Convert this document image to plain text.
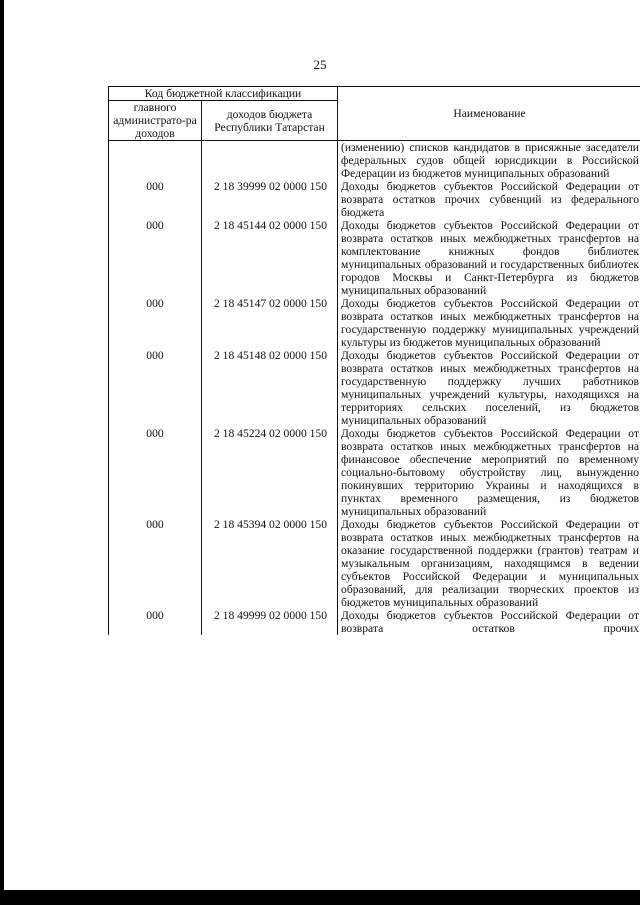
25
Код бюджетной классификации		Наименование
главного администрато-ра доходов	доходов бюджета Республики Татарстан	
		(изменению) списков кандидатов в присяжные заседатели федеральных судов общей юрисдикции в Российской Федерации из бюджетов муниципальных образований
000	2 18 39999 02 0000 150	Доходы бюджетов субъектов Российской Федерации от возврата остатков прочих субвенций из федерального бюджета
000	2 18 45144 02 0000 150	Доходы бюджетов субъектов Российской Федерации от возврата остатков иных межбюджетных трансфертов на комплектование книжных фондов библиотек муниципальных образований и государственных библиотек городов Москвы и Санкт-Петербурга из бюджетов муниципальных образований
000	2 18 45147 02 0000 150	Доходы бюджетов субъектов Российской Федерации от возврата остатков иных межбюджетных трансфертов на государственную поддержку муниципальных учреждений культуры из бюджетов муниципальных образований
000	2 18 45148 02 0000 150	Доходы бюджетов субъектов Российской Федерации от возврата остатков иных межбюджетных трансфертов на государственную поддержку лучших работников муниципальных учреждений культуры, находящихся на территориях сельских поселений, из бюджетов муниципальных образований
000	2 18 45224 02 0000 150	Доходы бюджетов субъектов Российской Федерации от возврата остатков иных межбюджетных трансфертов на финансовое обеспечение мероприятий по временному социально-бытовому обустройству лиц, вынужденно покинувших территорию Украины и находящихся в пунктах временного размещения, из бюджетов муниципальных образований
000	2 18 45394 02 0000 150	Доходы бюджетов субъектов Российской Федерации от возврата остатков иных межбюджетных трансфертов на оказание государственной поддержки (грантов) театрам и музыкальным организациям, находящимся в ведении субъектов Российской Федерации и муниципальных образований, для реализации творческих проектов из бюджетов муниципальных образований
000	2 18 49999 02 0000 150	Доходы бюджетов субъектов Российской Федерации от возврата остатков прочих
